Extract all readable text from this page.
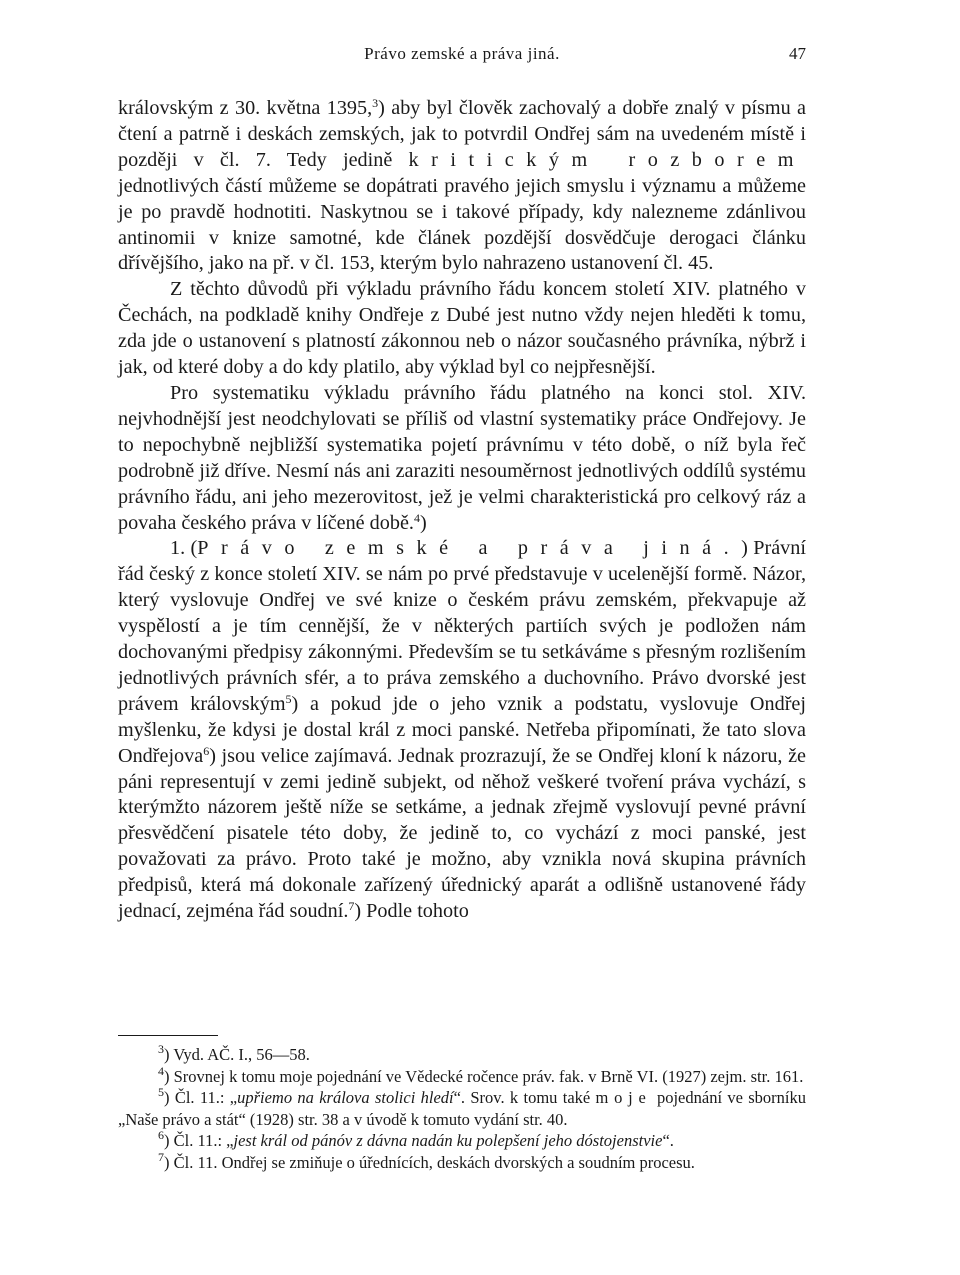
Právo zemské a práva jiná.	47

královským z 30. května 1395,$^3$) aby byl člověk zachovalý a dobře znalý v písmu a čtení a patrně i deskách zemských, jak to potvrdil Ondřej sám na uvedeném místě i později v čl. 7. Tedy jedině kritickým rozborem jednotlivých částí můžeme se dopátrati pravého jejich smyslu i významu a můžeme je po pravdě hodnotiti. Naskytnou se i takové případy, kdy nalezneme zdánlivou antinomii v knize samotné, kde článek pozdější dosvědčuje derogaci článku dřívějšího, jako na př. v čl. 153, kterým bylo nahrazeno ustanovení čl. 45.

Z těchto důvodů při výkladu právního řádu koncem století XIV. platného v Čechách, na podkladě knihy Ondřeje z Dubé jest nutno vždy nejen hleděti k tomu, zda jde o ustanovení s platností zákonnou neb o názor současného právníka, nýbrž i jak, od které doby a do kdy platilo, aby výklad byl co nejpřesnější.

Pro systematiku výkladu právního řádu platného na konci stol. XIV. nejvhodnější jest neodchylovati se příliš od vlastní systematiky práce Ondřejovy. Je to nepochybně nejbližší systematika pojetí právnímu v této době, o níž byla řeč podrobně již dříve. Nesmí nás ani zaraziti nesouměrnost jednotlivých oddílů systému právního řádu, ani jeho mezerovitost, jež je velmi charakteristická pro celkový ráz a povaha českého práva v líčené době.$^4$)

1. (Právo zemské a práva jiná.) Právní řád český z konce století XIV. se nám po prvé představuje v ucelenější formě. Názor, který vyslovuje Ondřej ve své knize o českém právu zemském, překvapuje až vyspělostí a je tím cennější, že v některých partiích svých je podložen nám dochovanými předpisy zákonnými. Především se tu setkáváme s přesným rozlišením jednotlivých právních sfér, a to práva zemského a duchovního. Právo dvorské jest právem královským$^5$) a pokud jde o jeho vznik a podstatu, vyslovuje Ondřej myšlenku, že kdysi je dostal král z moci panské. Netřeba připomínati, že tato slova Ondřejova$^6$) jsou velice zajímavá. Jednak prozrazují, že se Ondřej kloní k názoru, že páni representují v zemi jedině subjekt, od něhož veškeré tvoření práva vychází, s kterýmžto názorem ještě níže se setkáme, a jednak zřejmě vyslovují pevné právní přesvědčení pisatele této doby, že jedině to, co vychází z moci panské, jest považovati za právo. Proto také je možno, aby vznikla nová skupina právních předpisů, která má dokonale zařízený úřednický aparát a odlišně ustanovené řády jednací, zejména řád soudní.$^7$) Podle tohoto

$^3$) Vyd. AČ. I., 56—58.

$^4$) Srovnej k tomu moje pojednání ve Vědecké ročence práv. fak. v Brně VI. (1927) zejm. str. 161.

$^5$) Čl. 11.: „upřiemo na králova stolici hledí“. Srov. k tomu také moje pojednání ve sborníku „Naše právo a stát“ (1928) str. 38 a v úvodě k tomuto vydání str. 40.

$^6$) Čl. 11.: „jest král od pánóv z dávna nadán ku polepšení jeho dóstojenstvie“.

$^7$) Čl. 11. Ondřej se zmiňuje o úřednících, deskách dvorských a soudním procesu.
